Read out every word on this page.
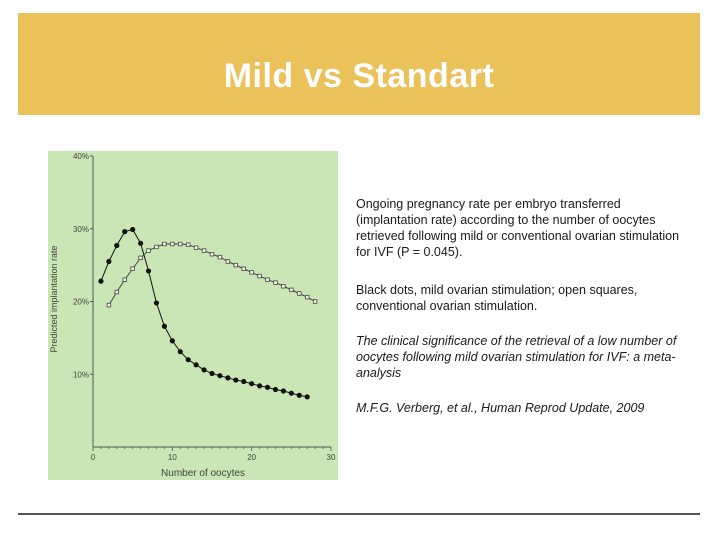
Mild vs Standart
10%
20%
30%
40%
0	10	20	30
Number of oocytes
Predicted implantation rate
Ongoing pregnancy rate per embryo transferred (implantation rate) according to the number of oocytes retrieved following mild or conventional ovarian stimulation for IVF (P = 0.045).
Black dots, mild ovarian stimulation; open squares, conventional ovarian stimulation.
The clinical significance of the retrieval of a low number of oocytes following mild ovarian stimulation for IVF: a meta-analysis
M.F.G. Verberg, et al., Human Reprod Update, 2009
